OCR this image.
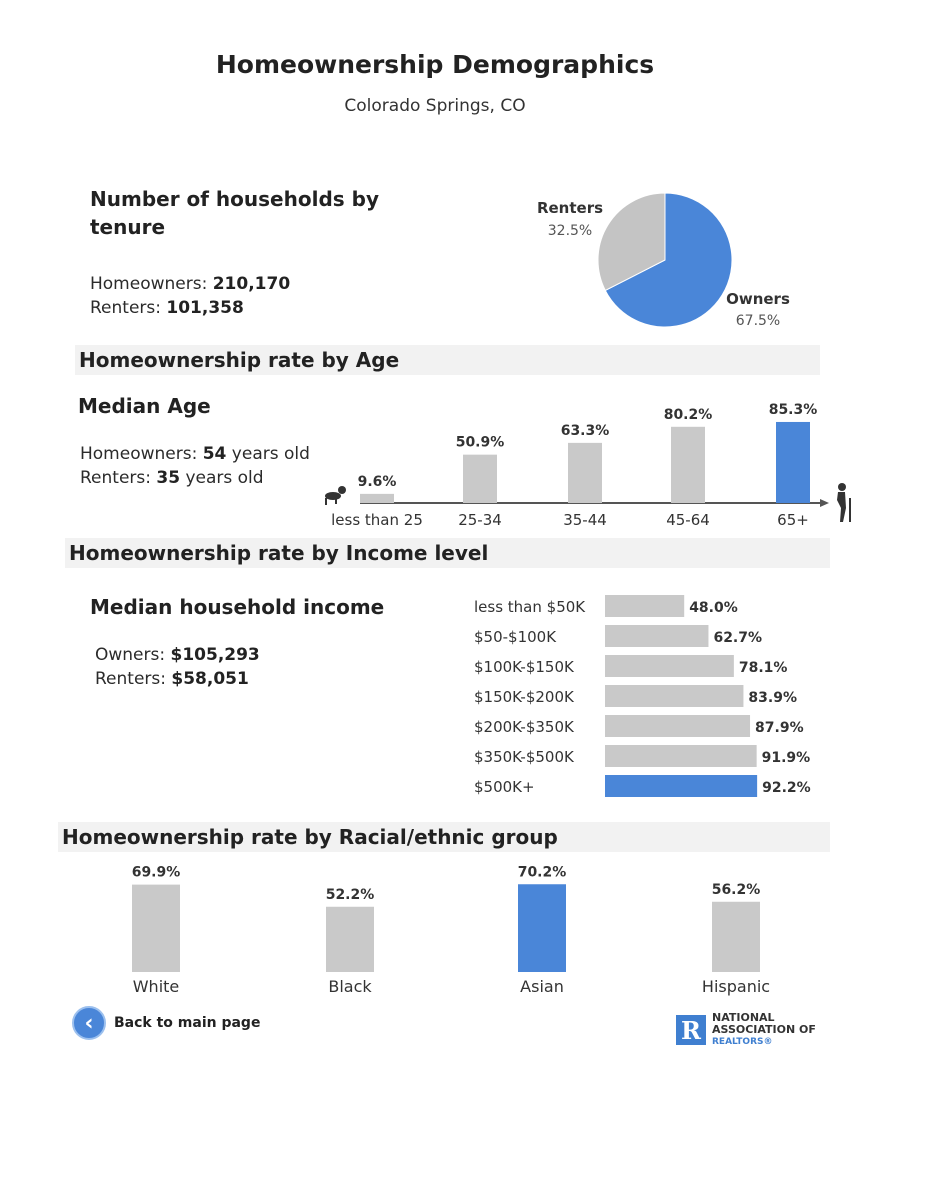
Homeownership Demographics
Colorado Springs, CO
Number of households by
tenure
Homeowners: 210,170
Renters: 101,358
Renters
32.5%
Owners
67.5%
Homeownership rate by Age
Median Age
Homeowners: 54 years old
Renters: 35 years old	9.6%
less than 25
50.9%
25-34
63.3%
35-44
80.2%
45-64
85.3%
65+
Homeownership rate by Income level
Median household income
Owners: $105,293
Renters: $58,051
less than $50K	48.0%
$50-$100K	62.7%
$100K-$150K	78.1%
$150K-$200K	83.9%
$200K-$350K	87.9%
$350K-$500K	91.9%
$500K+	92.2%
Homeownership rate by Racial/ethnic group
69.9%
White
52.2%
Black
70.2%
Asian
56.2%
Hispanic
‹	Back to main page	R	NATIONAL
ASSOCIATION OF
REALTORS®
